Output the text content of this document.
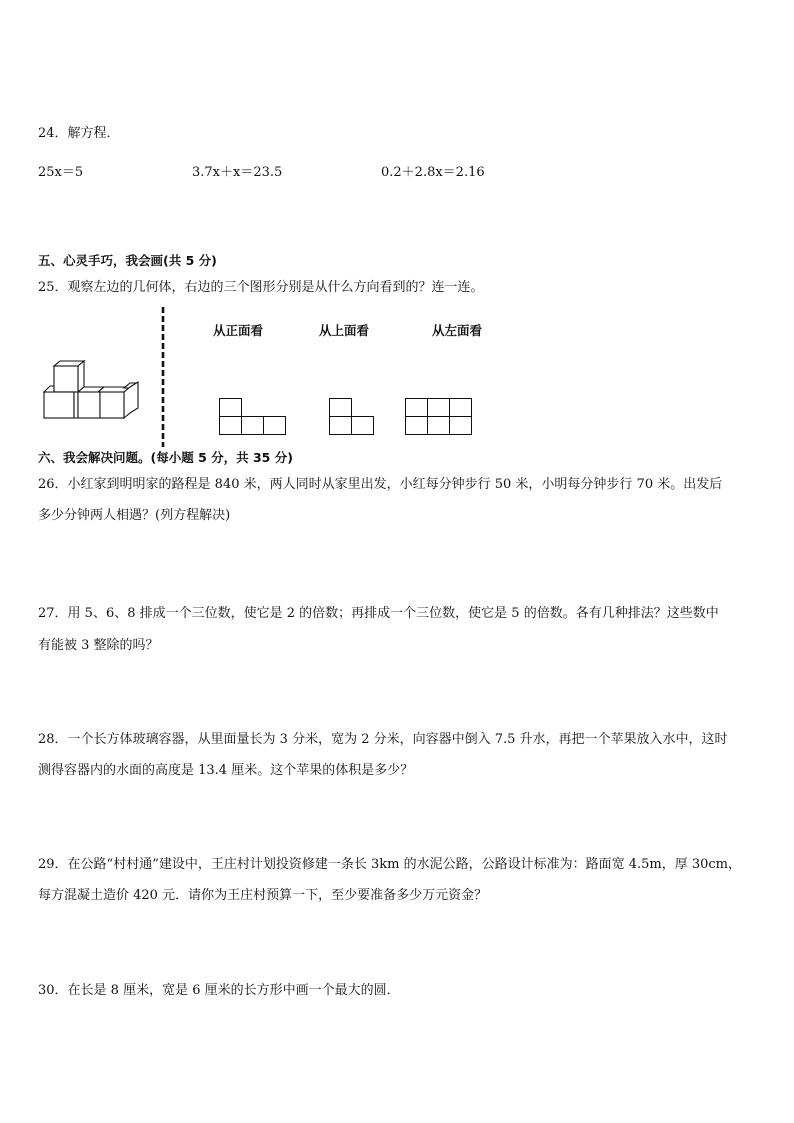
24．解方程．
25x＝5	3.7x＋x＝23.5	0.2＋2.8x＝2.16
五、心灵手巧，我会画(共 5 分)
25．观察左边的几何体，右边的三个图形分别是从什么方向看到的？连一连。
从正面看	从上面看	从左面看
六、我会解决问题。(每小题 5 分，共 35 分)
26．小红家到明明家的路程是 840 米，两人同时从家里出发，小红每分钟步行 50 米，小明每分钟步行 70 米。出发后
多少分钟两人相遇？(列方程解决)
27．用 5、6、8 排成一个三位数，使它是 2 的倍数；再排成一个三位数，使它是 5 的倍数。各有几种排法？这些数中
有能被 3 整除的吗？
28．一个长方体玻璃容器，从里面量长为 3 分米，宽为 2 分米，向容器中倒入 7.5 升水，再把一个苹果放入水中，这时
测得容器内的水面的高度是 13.4 厘米。这个苹果的体积是多少？
29．在公路“村村通”建设中，王庄村计划投资修建一条长 3km 的水泥公路，公路设计标准为：路面宽 4.5m，厚 30cm，
每方混凝土造价 420 元．请你为王庄村预算一下，至少要准备多少万元资金？
30．在长是 8 厘米，宽是 6 厘米的长方形中画一个最大的圆．
